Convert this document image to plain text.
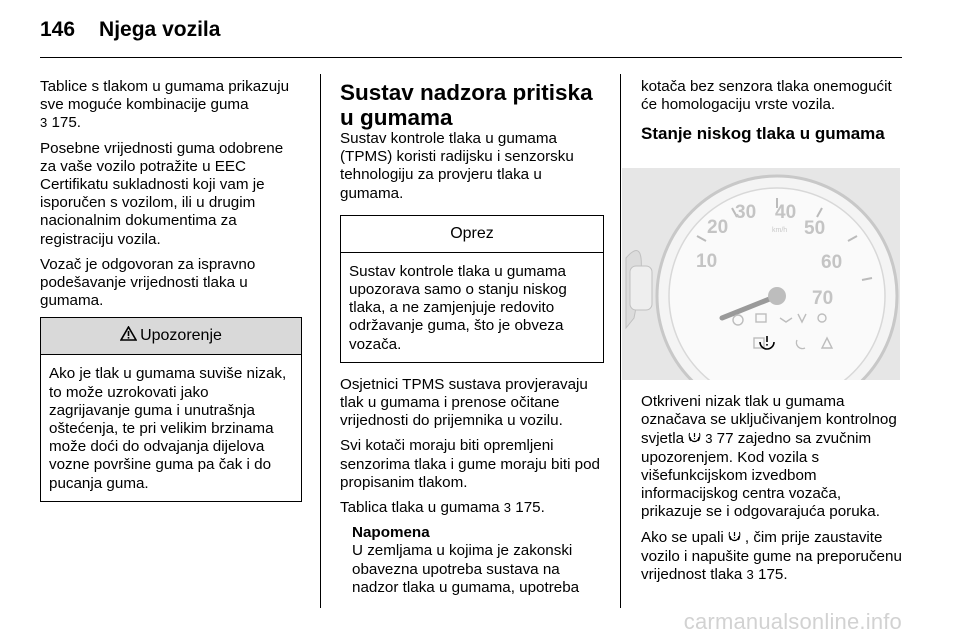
146 Njega vozila

Tablice s tlakom u gumama prikazuju sve moguće kombinacije guma
3 175.

Posebne vrijednosti guma odobrene za vaše vozilo potražite u EEC Certifikatu sukladnosti koji vam je isporučen s vozilom, ili u drugim nacionalnim dokumentima za registraciju vozila.

Vozač je odgovoran za ispravno podešavanje vrijednosti tlaka u gumama.

Upozorenje

Ako je tlak u gumama suviše nizak, to može uzrokovati jako zagrijavanje guma i unutrašnja oštećenja, te pri velikim brzinama može doći do odvajanja dijelova vozne površine guma pa čak i do pucanja guma.

Sustav nadzora pritiska u gumama

Sustav kontrole tlaka u gumama (TPMS) koristi radijsku i senzorsku tehnologiju za provjeru tlaka u gumama.

Oprez

Sustav kontrole tlaka u gumama upozorava samo o stanju niskog tlaka, a ne zamjenjuje redovito održavanje guma, što je obveza vozača.

Osjetnici TPMS sustava provjeravaju tlak u gumama i prenose očitane vrijednosti do prijemnika u vozilu.

Svi kotači moraju biti opremljeni senzorima tlaka i gume moraju biti pod propisanim tlakom.

Tablica tlaka u gumama 3 175.

Napomena
U zemljama u kojima je zakonski obavezna upotreba sustava na nadzor tlaka u gumama, upotreba

kotača bez senzora tlaka onemogućit će homologaciju vrste vozila.

Stanje niskog tlaka u gumama
10
20
30 40
50
60
70
km/h

Otkriveni nizak tlak u gumama označava se uključivanjem kontrolnog svjetla 3 77 zajedno sa zvučnim upozorenjem. Kod vozila s višefunkcijskom izvedbom informacijskog centra vozača, prikazuje se i odgovarajuća poruka.

Ako se upali , čim prije zaustavite vozilo i napušite gume na preporučenu vrijednost tlaka 3 175.

carmanualsonline.info
